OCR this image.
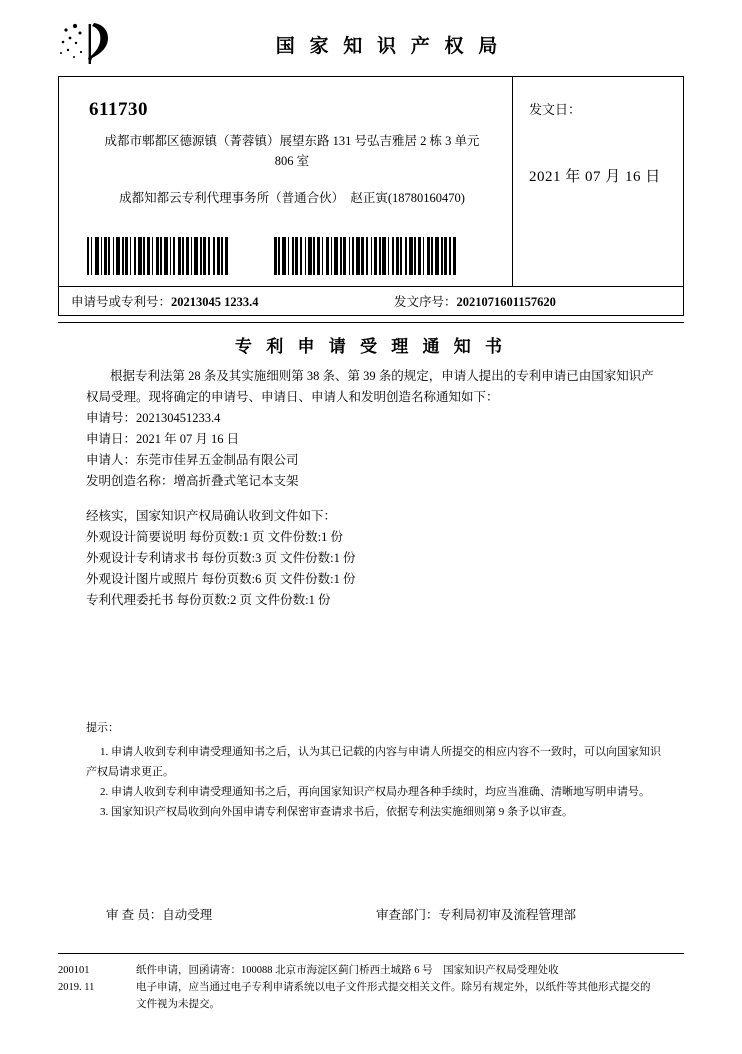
国 家 知 识 产 权 局
611730
成都市郫都区德源镇（菁蓉镇）展望东路 131 号弘吉雅居 2 栋 3 单元
806 室
成都知都云专利代理事务所（普通合伙）　赵正寅(18780160470)
发文日：
2021 年 07 月 16 日
申请号或专利号：20213045 1233.4	发文序号：2021071601157620
专 利 申 请 受 理 通 知 书

根据专利法第 28 条及其实施细则第 38 条、第 39 条的规定，申请人提出的专利申请已由国家知识产权局受理。现将确定的申请号、申请日、申请人和发明创造名称通知如下：

申请号：202130451233.4

申请日：2021 年 07 月 16 日

申请人：东莞市佳昇五金制品有限公司

发明创造名称：增高折叠式笔记本支架

经核实，国家知识产权局确认收到文件如下：

外观设计简要说明 每份页数:1 页 文件份数:1 份

外观设计专利请求书 每份页数:3 页 文件份数:1 份

外观设计图片或照片 每份页数:6 页 文件份数:1 份

专利代理委托书 每份页数:2 页 文件份数:1 份

提示：
1. 申请人收到专利申请受理通知书之后，认为其已记载的内容与申请人所提交的相应内容不一致时，可以向国家知识产权局请求更正。
2. 申请人收到专利申请受理通知书之后，再向国家知识产权局办理各种手续时，均应当准确、清晰地写明申请号。
3. 国家知识产权局收到向外国申请专利保密审查请求书后，依据专利法实施细则第 9 条予以审查。
审 查 员：自动受理	审查部门：专利局初审及流程管理部
200101
2019. 11
纸件申请，回函请寄：100088 北京市海淀区蓟门桥西土城路 6 号　国家知识产权局受理处收
电子申请，应当通过电子专利申请系统以电子文件形式提交相关文件。除另有规定外，以纸件等其他形式提交的
文件视为未提交。
